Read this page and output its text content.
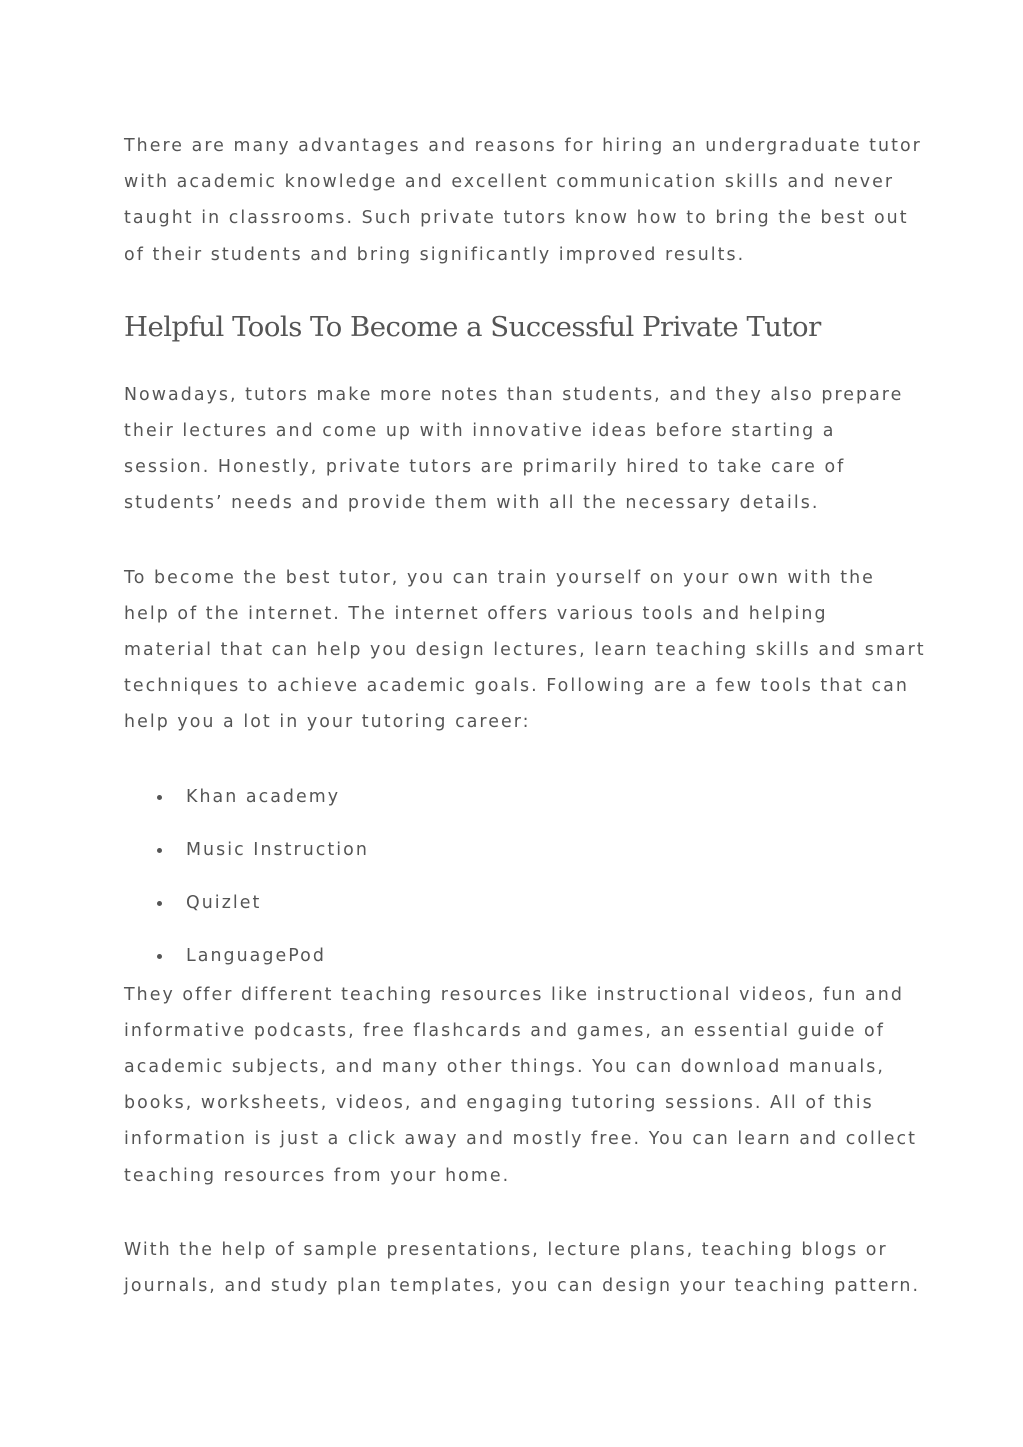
There are many advantages and reasons for hiring an undergraduate tutor
with academic knowledge and excellent communication skills and never
taught in classrooms. Such private tutors know how to bring the best out
of their students and bring significantly improved results.

Helpful Tools To Become a Successful Private Tutor

Nowadays, tutors make more notes than students, and they also prepare
their lectures and come up with innovative ideas before starting a
session. Honestly, private tutors are primarily hired to take care of
students’ needs and provide them with all the necessary details.

To become the best tutor, you can train yourself on your own with the
help of the internet. The internet offers various tools and helping
material that can help you design lectures, learn teaching skills and smart
techniques to achieve academic goals. Following are a few tools that can
help you a lot in your tutoring career:

Khan academy
Music Instruction
Quizlet
LanguagePod

They offer different teaching resources like instructional videos, fun and
informative podcasts, free flashcards and games, an essential guide of
academic subjects, and many other things. You can download manuals,
books, worksheets, videos, and engaging tutoring sessions. All of this
information is just a click away and mostly free. You can learn and collect
teaching resources from your home.

With the help of sample presentations, lecture plans, teaching blogs or
journals, and study plan templates, you can design your teaching pattern.
